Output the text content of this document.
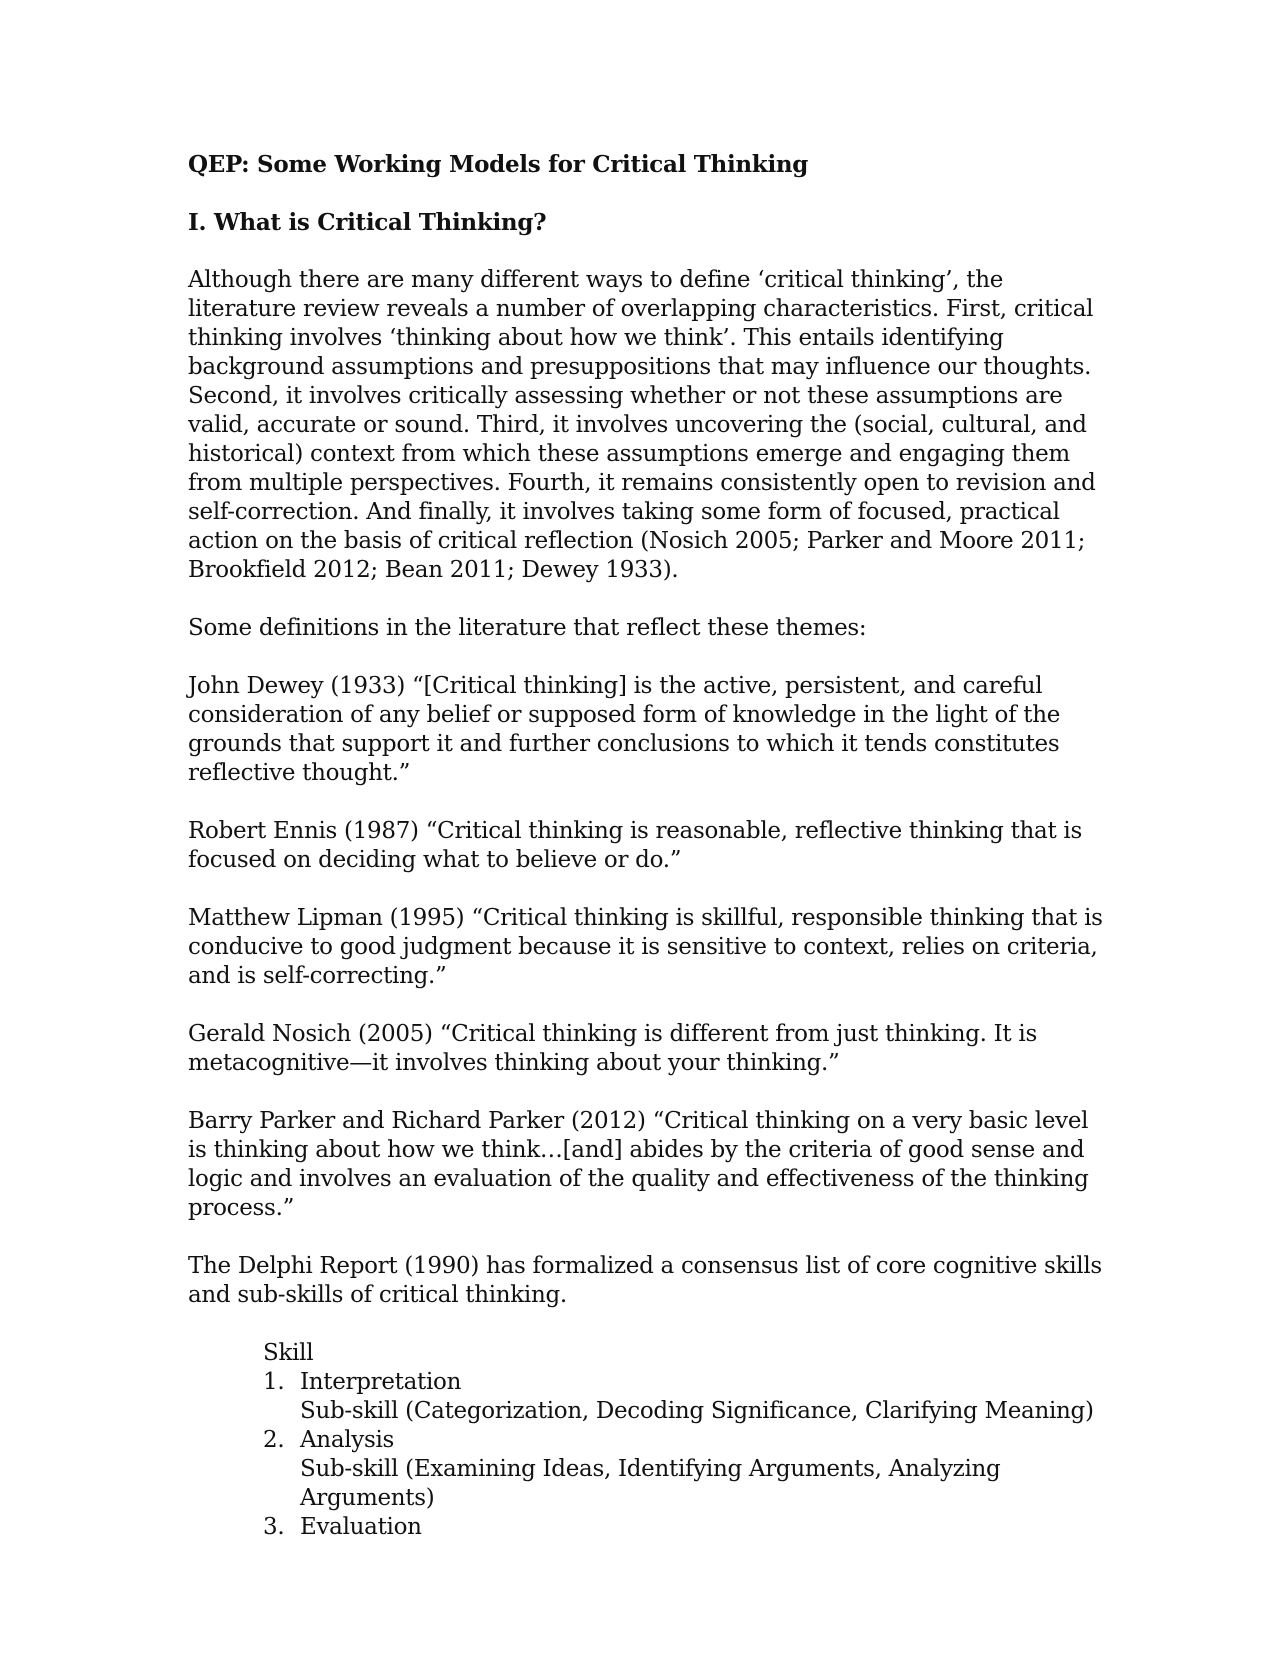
QEP: Some Working Models for Critical Thinking
I. What is Critical Thinking?

Although there are many different ways to define ‘critical thinking’, the literature review reveals a number of overlapping characteristics. First, critical thinking involves ‘thinking about how we think’. This entails identifying background assumptions and presuppositions that may influence our thoughts. Second, it involves critically assessing whether or not these assumptions are valid, accurate or sound. Third, it involves uncovering the (social, cultural, and historical) context from which these assumptions emerge and engaging them from multiple perspectives. Fourth, it remains consistently open to revision and self-correction. And finally, it involves taking some form of focused, practical action on the basis of critical reflection (Nosich 2005; Parker and Moore 2011; Brookfield 2012; Bean 2011; Dewey 1933).

Some definitions in the literature that reflect these themes:

John Dewey (1933) “[Critical thinking] is the active, persistent, and careful consideration of any belief or supposed form of knowledge in the light of the grounds that support it and further conclusions to which it tends constitutes reflective thought.”

Robert Ennis (1987) “Critical thinking is reasonable, reflective thinking that is focused on deciding what to believe or do.”

Matthew Lipman (1995) “Critical thinking is skillful, responsible thinking that is conducive to good judgment because it is sensitive to context, relies on criteria, and is self-correcting.”

Gerald Nosich (2005) “Critical thinking is different from just thinking. It is metacognitive—it involves thinking about your thinking.”

Barry Parker and Richard Parker (2012) “Critical thinking on a very basic level is thinking about how we think…[and] abides by the criteria of good sense and logic and involves an evaluation of the quality and effectiveness of the thinking process.”

The Delphi Report (1990) has formalized a consensus list of core cognitive skills and sub-skills of critical thinking.

Skill
1. Interpretation
Sub-skill (Categorization, Decoding Significance, Clarifying Meaning)
2. Analysis
Sub-skill (Examining Ideas, Identifying Arguments, Analyzing Arguments)
3. Evaluation
